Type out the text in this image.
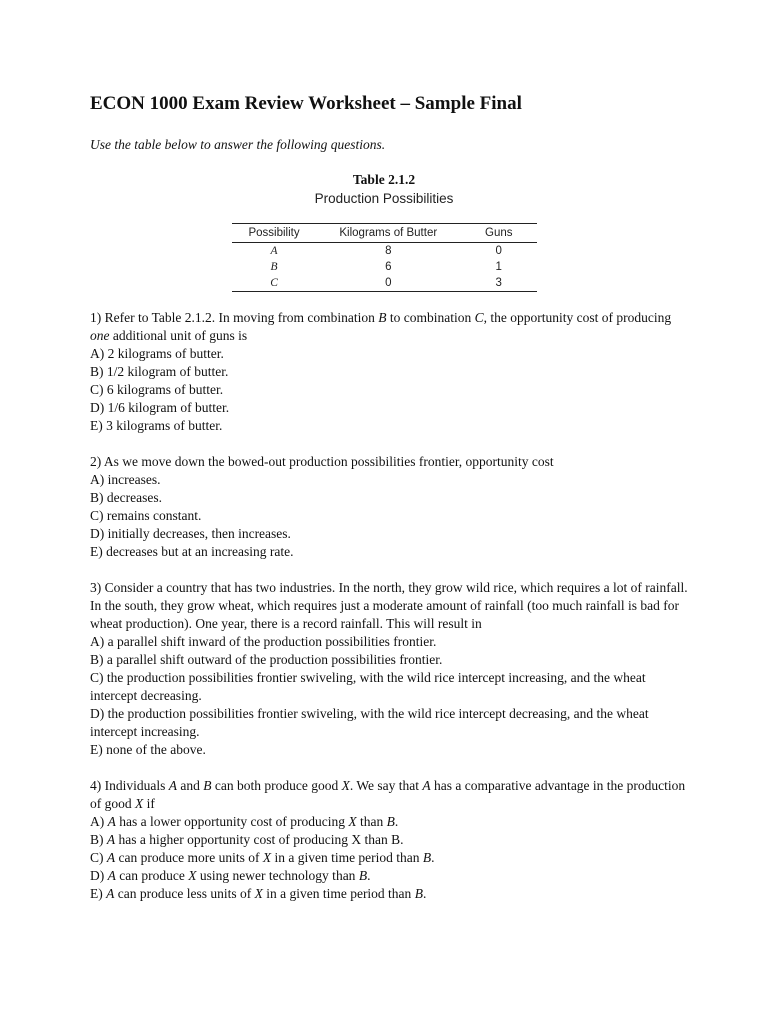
ECON 1000 Exam Review Worksheet – Sample Final
Use the table below to answer the following questions.
Table 2.1.2
Production Possibilities
Possibility	Kilograms of Butter	Guns
A	8	0
B	6	1
C	0	3

1) Refer to Table 2.1.2. In moving from combination B to combination C, the opportunity cost of producing one additional unit of guns is

A) 2 kilograms of butter.

B) 1/2 kilogram of butter.

C) 6 kilograms of butter.

D) 1/6 kilogram of butter.

E) 3 kilograms of butter.

2) As we move down the bowed-out production possibilities frontier, opportunity cost

A) increases.

B) decreases.

C) remains constant.

D) initially decreases, then increases.

E) decreases but at an increasing rate.

3) Consider a country that has two industries. In the north, they grow wild rice, which requires a lot of rainfall. In the south, they grow wheat, which requires just a moderate amount of rainfall (too much rainfall is bad for wheat production). One year, there is a record rainfall. This will result in

A) a parallel shift inward of the production possibilities frontier.

B) a parallel shift outward of the production possibilities frontier.

C) the production possibilities frontier swiveling, with the wild rice intercept increasing, and the wheat intercept decreasing.

D) the production possibilities frontier swiveling, with the wild rice intercept decreasing, and the wheat intercept increasing.

E) none of the above.

4) Individuals A and B can both produce good X. We say that A has a comparative advantage in the production of good X if

A) A has a lower opportunity cost of producing X than B.

B) A has a higher opportunity cost of producing X than B.

C) A can produce more units of X in a given time period than B.

D) A can produce X using newer technology than B.

E) A can produce less units of X in a given time period than B.
